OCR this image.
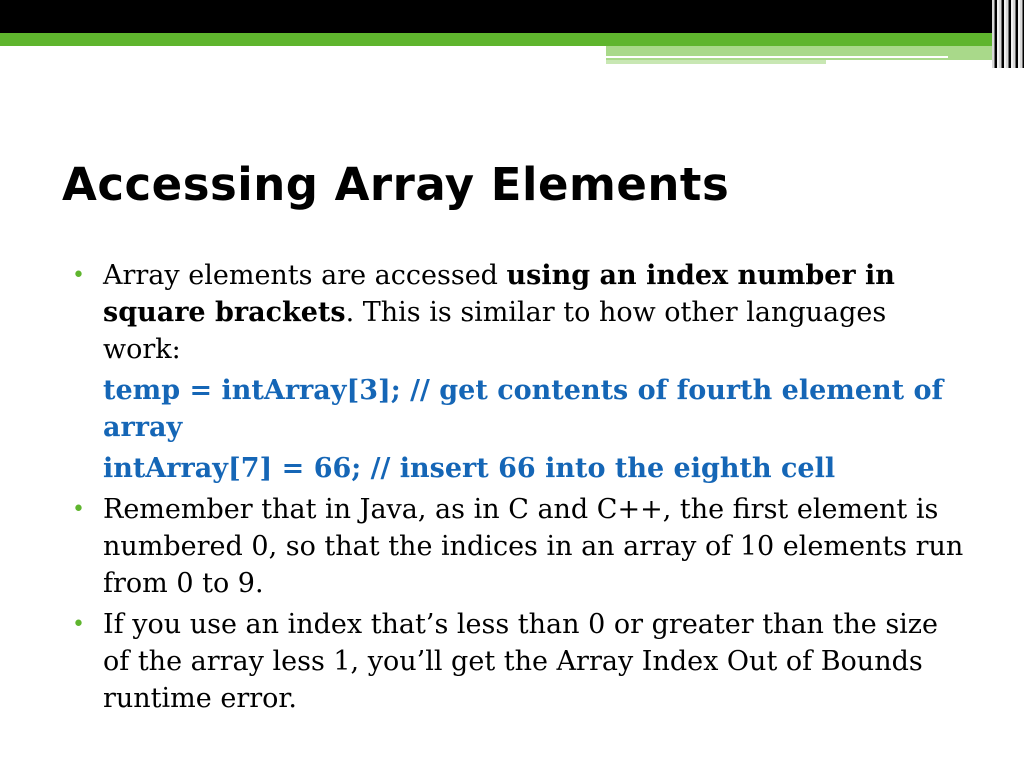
Accessing Array Elements
• Array elements are accessed using an index number in square brackets. This is similar to how other languages work:
temp = intArray[3]; // get contents of fourth element of array
intArray[7] = 66; // insert 66 into the eighth cell
• Remember that in Java, as in C and C++, the first element is numbered 0, so that the indices in an array of 10 elements run from 0 to 9.
• If you use an index that’s less than 0 or greater than the size of the array less 1, you’ll get the Array Index Out of Bounds runtime error.
